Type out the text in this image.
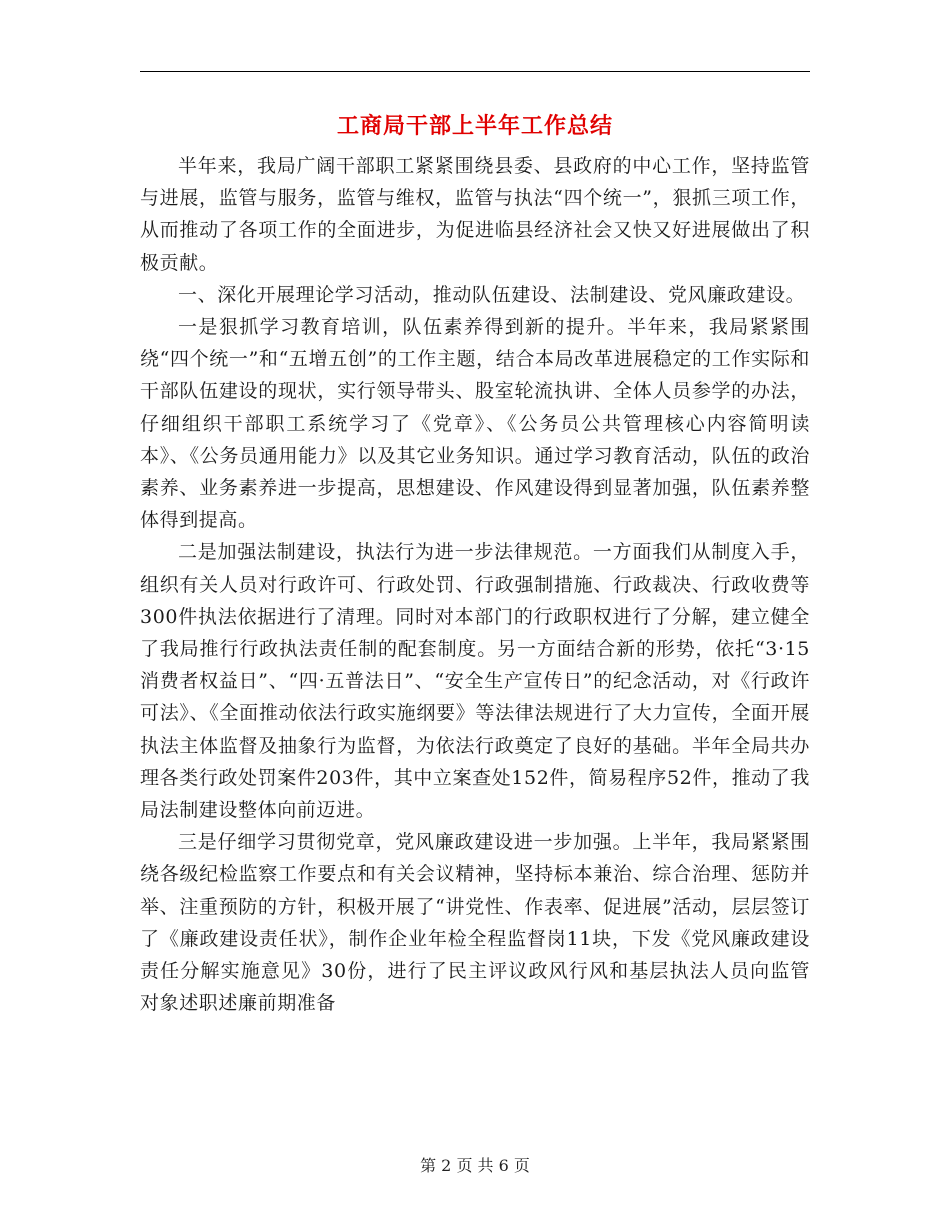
工商局干部上半年工作总结

半年来，我局广阔干部职工紧紧围绕县委、县政府的中心工作，坚持监管与进展，监管与服务，监管与维权，监管与执法“四个统一”，狠抓三项工作，从而推动了各项工作的全面进步，为促进临县经济社会又快又好进展做出了积极贡献。

一、深化开展理论学习活动，推动队伍建设、法制建设、党风廉政建设。

一是狠抓学习教育培训，队伍素养得到新的提升。半年来，我局紧紧围绕“四个统一”和“五增五创”的工作主题，结合本局改革进展稳定的工作实际和干部队伍建设的现状，实行领导带头、股室轮流执讲、全体人员参学的办法，仔细组织干部职工系统学习了《党章》、《公务员公共管理核心内容简明读本》、《公务员通用能力》以及其它业务知识。通过学习教育活动，队伍的政治素养、业务素养进一步提高，思想建设、作风建设得到显著加强，队伍素养整体得到提高。

二是加强法制建设，执法行为进一步法律规范。一方面我们从制度入手，组织有关人员对行政许可、行政处罚、行政强制措施、行政裁决、行政收费等300件执法依据进行了清理。同时对本部门的行政职权进行了分解，建立健全了我局推行行政执法责任制的配套制度。另一方面结合新的形势，依托“3·15消费者权益日”、“四·五普法日”、“安全生产宣传日”的纪念活动，对《行政许可法》、《全面推动依法行政实施纲要》等法律法规进行了大力宣传，全面开展执法主体监督及抽象行为监督，为依法行政奠定了良好的基础。半年全局共办理各类行政处罚案件203件，其中立案查处152件，简易程序52件，推动了我局法制建设整体向前迈进。

三是仔细学习贯彻党章，党风廉政建设进一步加强。上半年，我局紧紧围绕各级纪检监察工作要点和有关会议精神，坚持标本兼治、综合治理、惩防并举、注重预防的方针，积极开展了“讲党性、作表率、促进展”活动，层层签订了《廉政建设责任状》，制作企业年检全程监督岗11块，下发《党风廉政建设责任分解实施意见》30份，进行了民主评议政风行风和基层执法人员向监管对象述职述廉前期准备

第 2 页 共 6 页
